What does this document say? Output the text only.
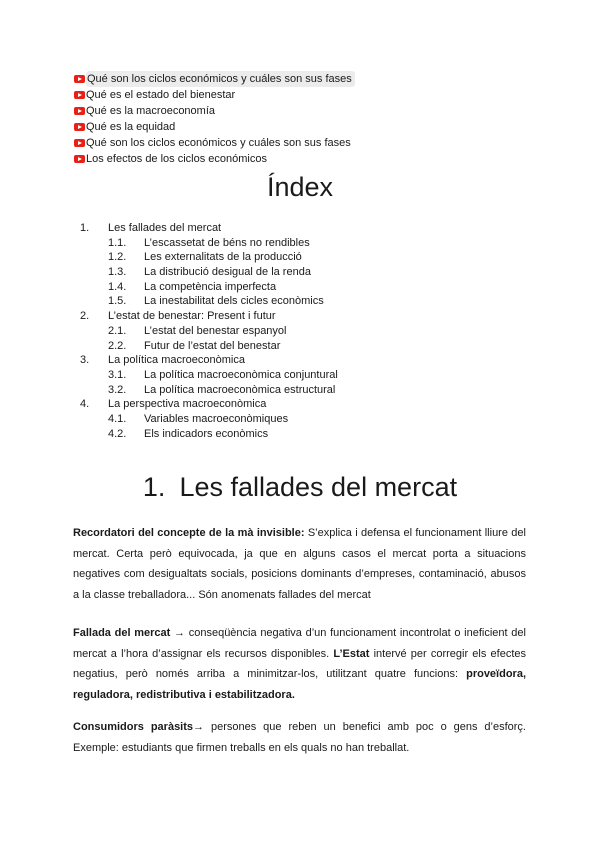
Qué son los ciclos económicos y cuáles son sus fases
Qué es el estado del bienestar
Qué es la macroeconomía
Qué es la equidad
Qué son los ciclos económicos y cuáles son sus fases
Los efectos de los ciclos económicos
Índex
1.	Les fallades del mercat
1.1.	L’escassetat de béns no rendibles
1.2.	Les externalitats de la producció
1.3.	La distribució desigual de la renda
1.4.	La competència imperfecta
1.5.	La inestabilitat dels cicles econòmics
2.	L’estat de benestar: Present i futur
2.1.	L’estat del benestar espanyol
2.2.	Futur de l’estat del benestar
3.	La política macroeconòmica
3.1.	La política macroeconòmica conjuntural
3.2.	La política macroeconòmica estructural
4.	La perspectiva macroeconòmica
4.1.	Variables macroeconòmiques
4.2.	Els indicadors econòmics
1. Les fallades del mercat

Recordatori del concepte de la mà invisible: S’explica i defensa el funcionament lliure del mercat. Certa però equivocada, ja que en alguns casos el mercat porta a situacions negatives com desigualtats socials, posicions dominants d’empreses, contaminació, abusos a la classe treballadora... Són anomenats fallades del mercat

Fallada del mercat → conseqüència negativa d’un funcionament incontrolat o ineficient del mercat a l’hora d’assignar els recursos disponibles. L’Estat intervé per corregir els efectes negatius, però només arriba a minimitzar-los, utilitzant quatre funcions: proveïdora, reguladora, redistributiva i estabilitzadora.

Consumidors paràsits→ persones que reben un benefici amb poc o gens d’esforç. Exemple: estudiants que firmen treballs en els quals no han treballat.
